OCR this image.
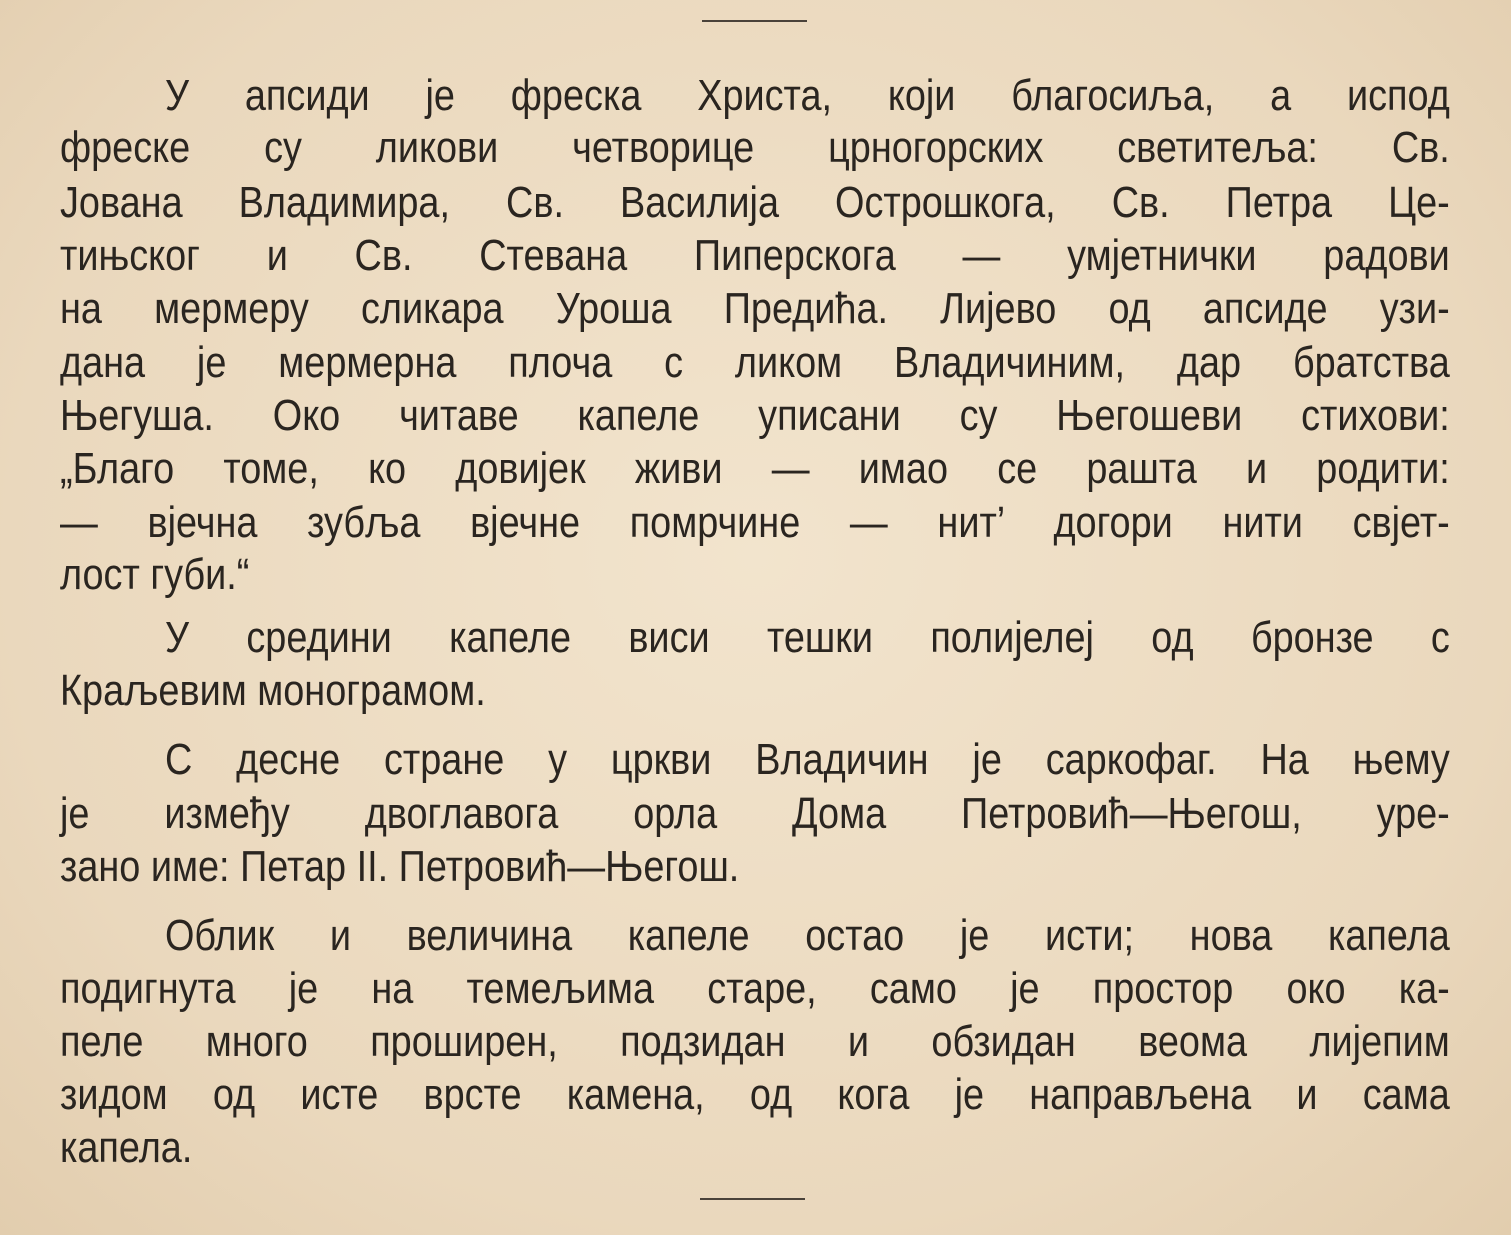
У апсиди је фреска Христа, који благосиља, а испод
фреске су ликови четворице црногорских светитеља: Св.
Јована Владимира, Св. Василија Острошкога, Св. Петра Це-
тињског и Св. Стевана Пиперскога — умјетнички радови
на мермеру сликара Уроша Предића. Лијево од апсиде узи-
дана је мермерна плоча с ликом Владичиним, дар братства
Његуша. Око читаве капеле уписани су Његошеви стихови:
„Благо томе, ко довијек живи — имао се рашта и родити:
— вјечна зубља вјечне помрчине — нит’ догори нити свјет-
лост губи.“
У средини капеле виси тешки полијелеј од бронзе с
Краљевим монограмом.
С десне стране у цркви Владичин је саркофаг. На њему
је између двоглавога орла Дома Петровић—Његош, уре-
зано име: Петар II. Петровић—Његош.
Облик и величина капеле остао је исти; нова капела
подигнута је на темељима старе, само је простор око ка-
пеле много проширен, подзидан и обзидан веома лијепим
зидом од исте врсте камена, од кога је направљена и сама
капела.
